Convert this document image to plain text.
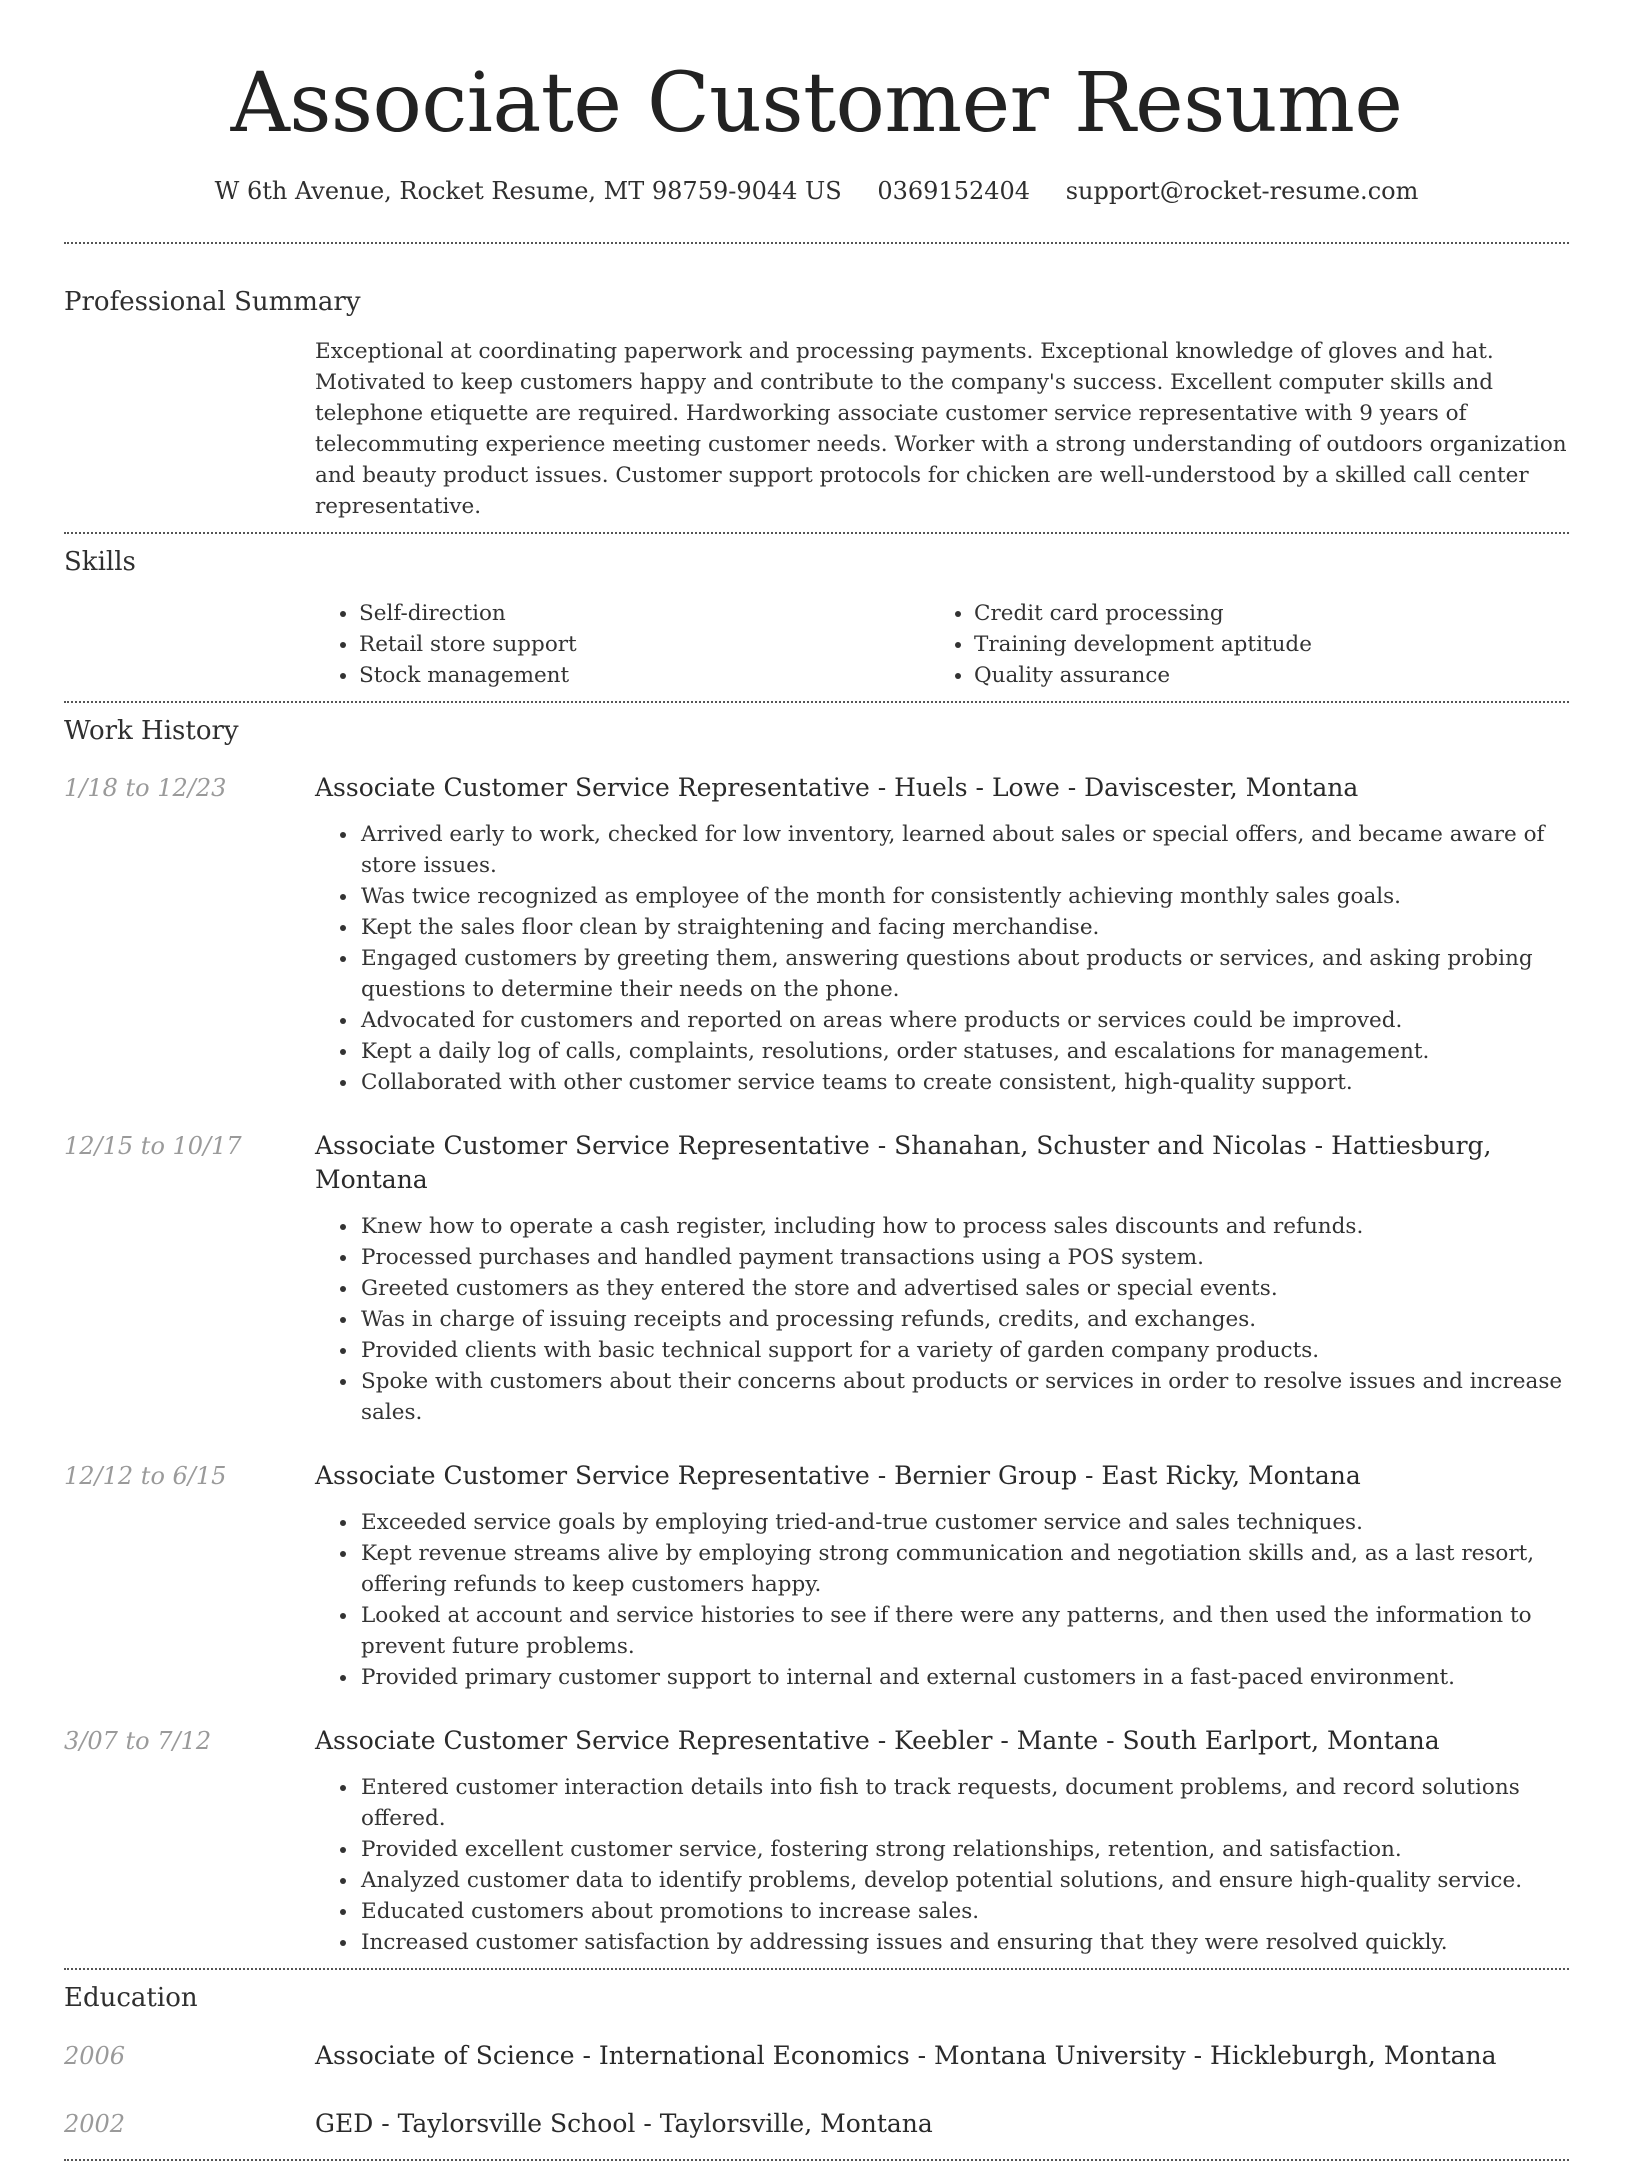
Associate Customer Resume
W 6th Avenue, Rocket Resume, MT 98759-9044 US 0369152404 support@rocket-resume.com
Professional Summary
Exceptional at coordinating paperwork and processing payments. Exceptional knowledge of gloves and hat. Motivated to keep customers happy and contribute to the company's success. Excellent computer skills and telephone etiquette are required. Hardworking associate customer service representative with 9 years of telecommuting experience meeting customer needs. Worker with a strong understanding of outdoors organization and beauty product issues. Customer support protocols for chicken are well-understood by a skilled call center representative.
Skills
• Self-direction
• Retail store support
• Stock management
• Credit card processing
• Training development aptitude
• Quality assurance
Work History
1/18 to 12/23	Associate Customer Service Representative - Huels - Lowe - Daviscester, Montana
• Arrived early to work, checked for low inventory, learned about sales or special offers, and became aware of store issues.
• Was twice recognized as employee of the month for consistently achieving monthly sales goals.
• Kept the sales floor clean by straightening and facing merchandise.
• Engaged customers by greeting them, answering questions about products or services, and asking probing questions to determine their needs on the phone.
• Advocated for customers and reported on areas where products or services could be improved.
• Kept a daily log of calls, complaints, resolutions, order statuses, and escalations for management.
• Collaborated with other customer service teams to create consistent, high-quality support.
12/15 to 10/17	Associate Customer Service Representative - Shanahan, Schuster and Nicolas - Hattiesburg, Montana
• Knew how to operate a cash register, including how to process sales discounts and refunds.
• Processed purchases and handled payment transactions using a POS system.
• Greeted customers as they entered the store and advertised sales or special events.
• Was in charge of issuing receipts and processing refunds, credits, and exchanges.
• Provided clients with basic technical support for a variety of garden company products.
• Spoke with customers about their concerns about products or services in order to resolve issues and increase sales.
12/12 to 6/15	Associate Customer Service Representative - Bernier Group - East Ricky, Montana
• Exceeded service goals by employing tried-and-true customer service and sales techniques.
• Kept revenue streams alive by employing strong communication and negotiation skills and, as a last resort, offering refunds to keep customers happy.
• Looked at account and service histories to see if there were any patterns, and then used the information to prevent future problems.
• Provided primary customer support to internal and external customers in a fast-paced environment.
3/07 to 7/12	Associate Customer Service Representative - Keebler - Mante - South Earlport, Montana
• Entered customer interaction details into fish to track requests, document problems, and record solutions offered.
• Provided excellent customer service, fostering strong relationships, retention, and satisfaction.
• Analyzed customer data to identify problems, develop potential solutions, and ensure high-quality service.
• Educated customers about promotions to increase sales.
• Increased customer satisfaction by addressing issues and ensuring that they were resolved quickly.
Education
2006	Associate of Science - International Economics - Montana University - Hickleburgh, Montana
2002	GED - Taylorsville School - Taylorsville, Montana
